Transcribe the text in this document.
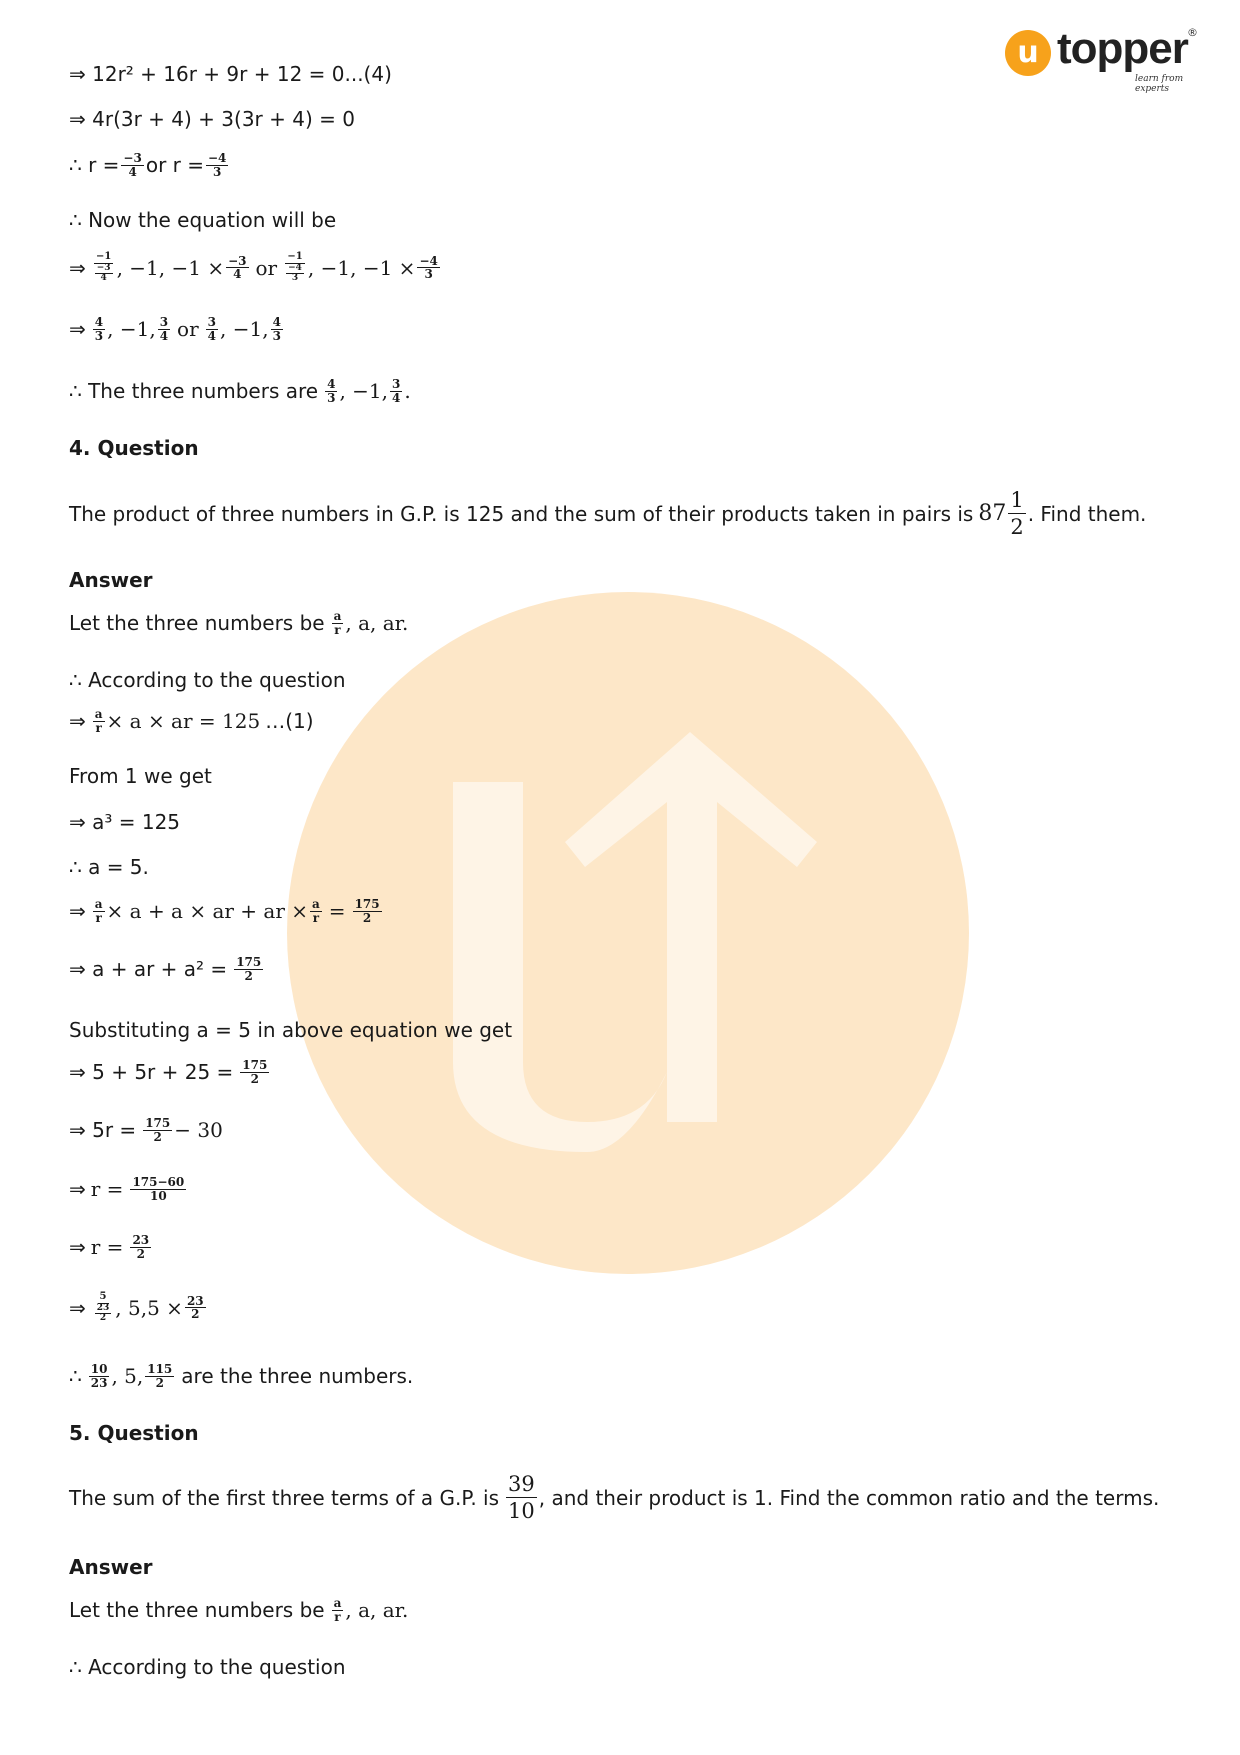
u topper ®
learn from experts
⇒ 12r² + 16r + 9r + 12 = 0...(4)
⇒ 4r(3r + 4) + 3(3r + 4) = 0
∴ $r = \frac{-3}{4}$ or $r = \frac{-4}{3}$
∴ Now the equation will be
⇒ −1
−3
4 , −1, $-1 \times \frac{-3}{4}$ or −1
−4
3 , −1, $-1 \times \frac{-4}{3}$
⇒ $\frac{4}{3}$ , −1, $\frac{3}{4}$ or $\frac{3}{4}$ , −1, $\frac{4}{3}$
∴ The three numbers are $\frac{4}{3}$ , −1, $\frac{3}{4}$ .
4. Question
The product of three numbers in G.P. is 125 and the sum of their products taken in pairs is $87 \frac{1}{2}$ . Find them.
Answer
Let the three numbers be $\frac{a}{r}$ , a, ar.
∴ According to the question
⇒ $\frac{a}{r} \times a$ × ar = 125 …(1)
From 1 we get
⇒ a³ = 125
∴ a = 5.
⇒ $\frac{a}{r} \times a + a$ × ar + ar × $\frac{a}{r} = \frac{175}{2}$
⇒ a + ar + $a^2 = \frac{175}{2}$
Substituting a = 5 in above equation we get
⇒ $5 + 5r + 25 = \frac{175}{2}$
⇒ $5r = \frac{175}{2} - 30$
⇒ $r = \frac{175-60}{10}$
⇒ $r = \frac{23}{2}$
⇒ 5
23
2 , $5,5 \times \frac{23}{2}$
∴ $\frac{10}{23}$ , 5, $\frac{115}{2}$ are the three numbers.
5. Question
The sum of the first three terms of a G.P. is $\frac{39}{10}$ , and their product is 1. Find the common ratio and the terms.
Answer
Let the three numbers be $\frac{a}{r}$ , a, ar.
∴ According to the question
